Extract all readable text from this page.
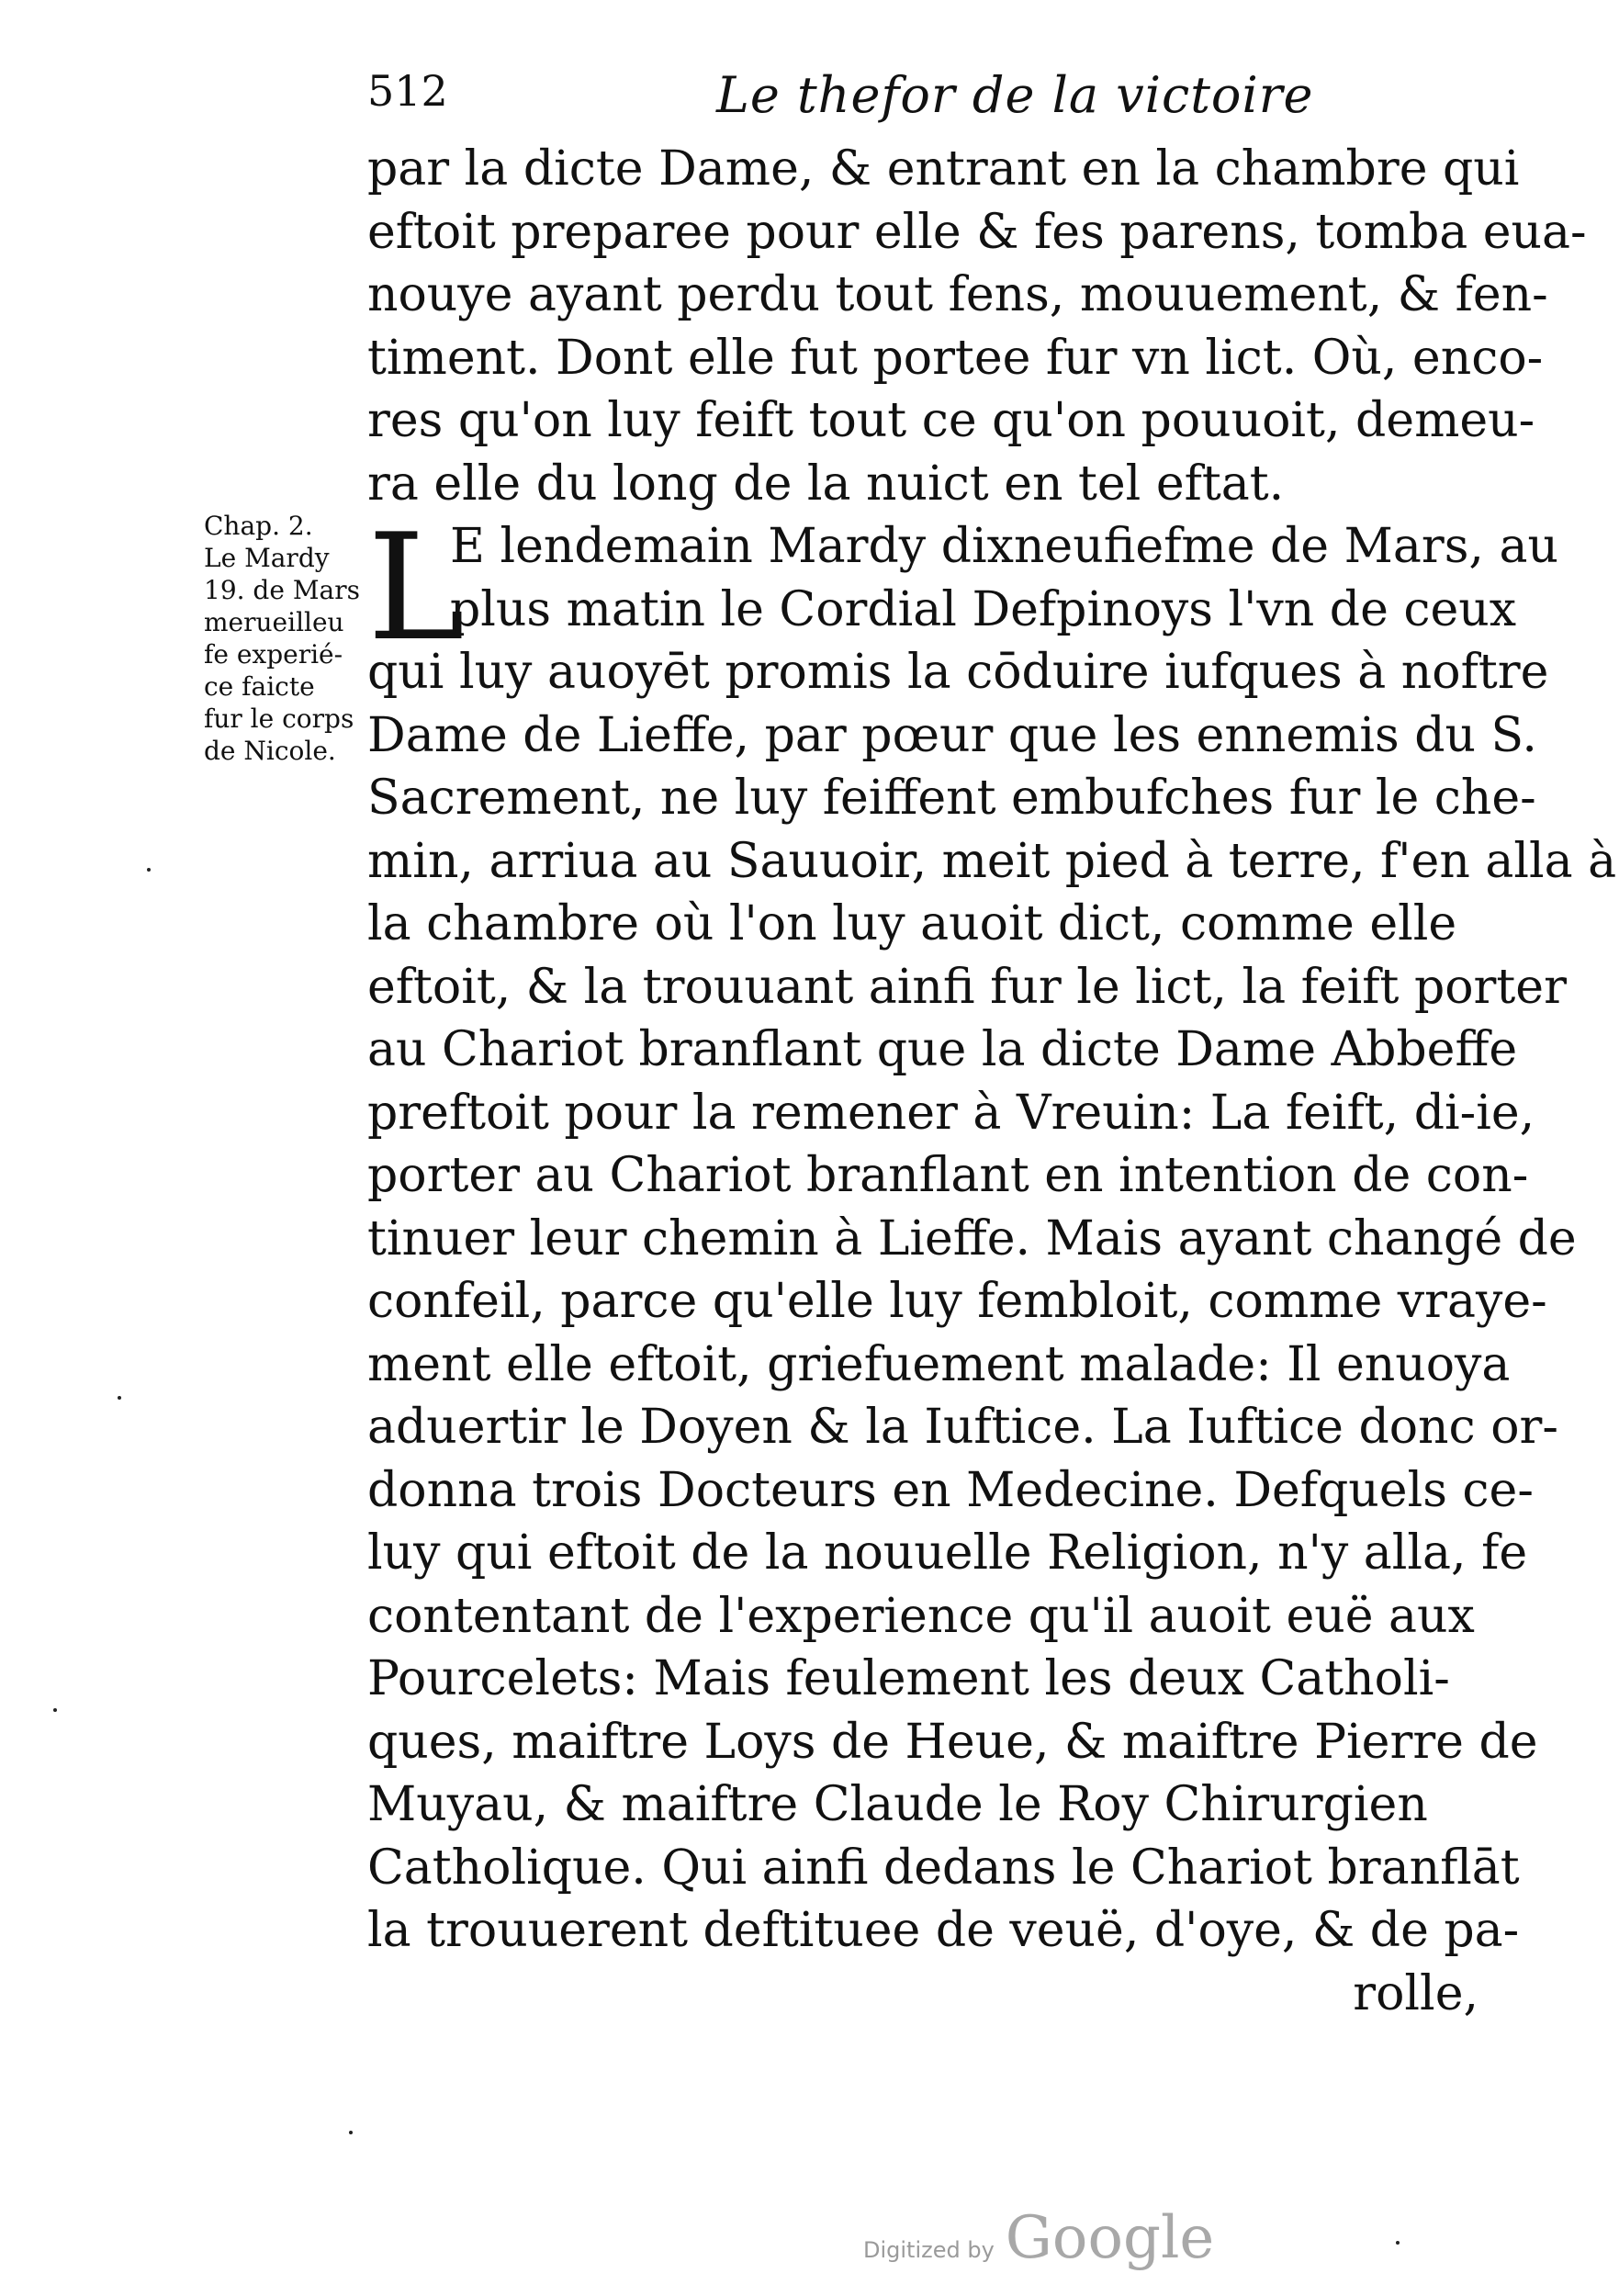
512	Le thefor de la victoire
Chap. 2.
Le Mardy
19. de Mars
merueilleu
fe experié-
ce faicte
fur le corps
de Nicole.
L
par la dicte Dame, & entrant en la chambre qui
eftoit preparee pour elle & fes parens, tomba eua-
nouye ayant perdu tout fens, mouuement, & fen-
timent. Dont elle fut portee fur vn lict. Où, enco-
res qu'on luy feift tout ce qu'on pouuoit, demeu-
ra elle du long de la nuict en tel eftat.
E lendemain Mardy dixneufiefme de Mars, au
plus matin le Cordial Defpinoys l'vn de ceux
qui luy auoyēt promis la cōduire iufques à noftre
Dame de Lieffe, par pœur que les ennemis du S.
Sacrement, ne luy feiffent embufches fur le che-
min, arriua au Sauuoir, meit pied à terre, f'en alla à
la chambre où l'on luy auoit dict, comme elle
eftoit, & la trouuant ainfi fur le lict, la feift porter
au Chariot branflant que la dicte Dame Abbeffe
preftoit pour la remener à Vreuin: La feift, di-ie,
porter au Chariot branflant en intention de con-
tinuer leur chemin à Lieffe. Mais ayant changé de
confeil, parce qu'elle luy fembloit, comme vraye-
ment elle eftoit, griefuement malade: Il enuoya
aduertir le Doyen & la Iuftice. La Iuftice donc or-
donna trois Docteurs en Medecine. Defquels ce-
luy qui eftoit de la nouuelle Religion, n'y alla, fe
contentant de l'experience qu'il auoit euë aux
Pourcelets: Mais feulement les deux Catholi-
ques, maiftre Loys de Heue, & maiftre Pierre de
Muyau, & maiftre Claude le Roy Chirurgien
Catholique. Qui ainfi dedans le Chariot branflāt
la trouuerent deftituee de veuë, d'oye, & de pa-
rolle,
Digitized by Google
